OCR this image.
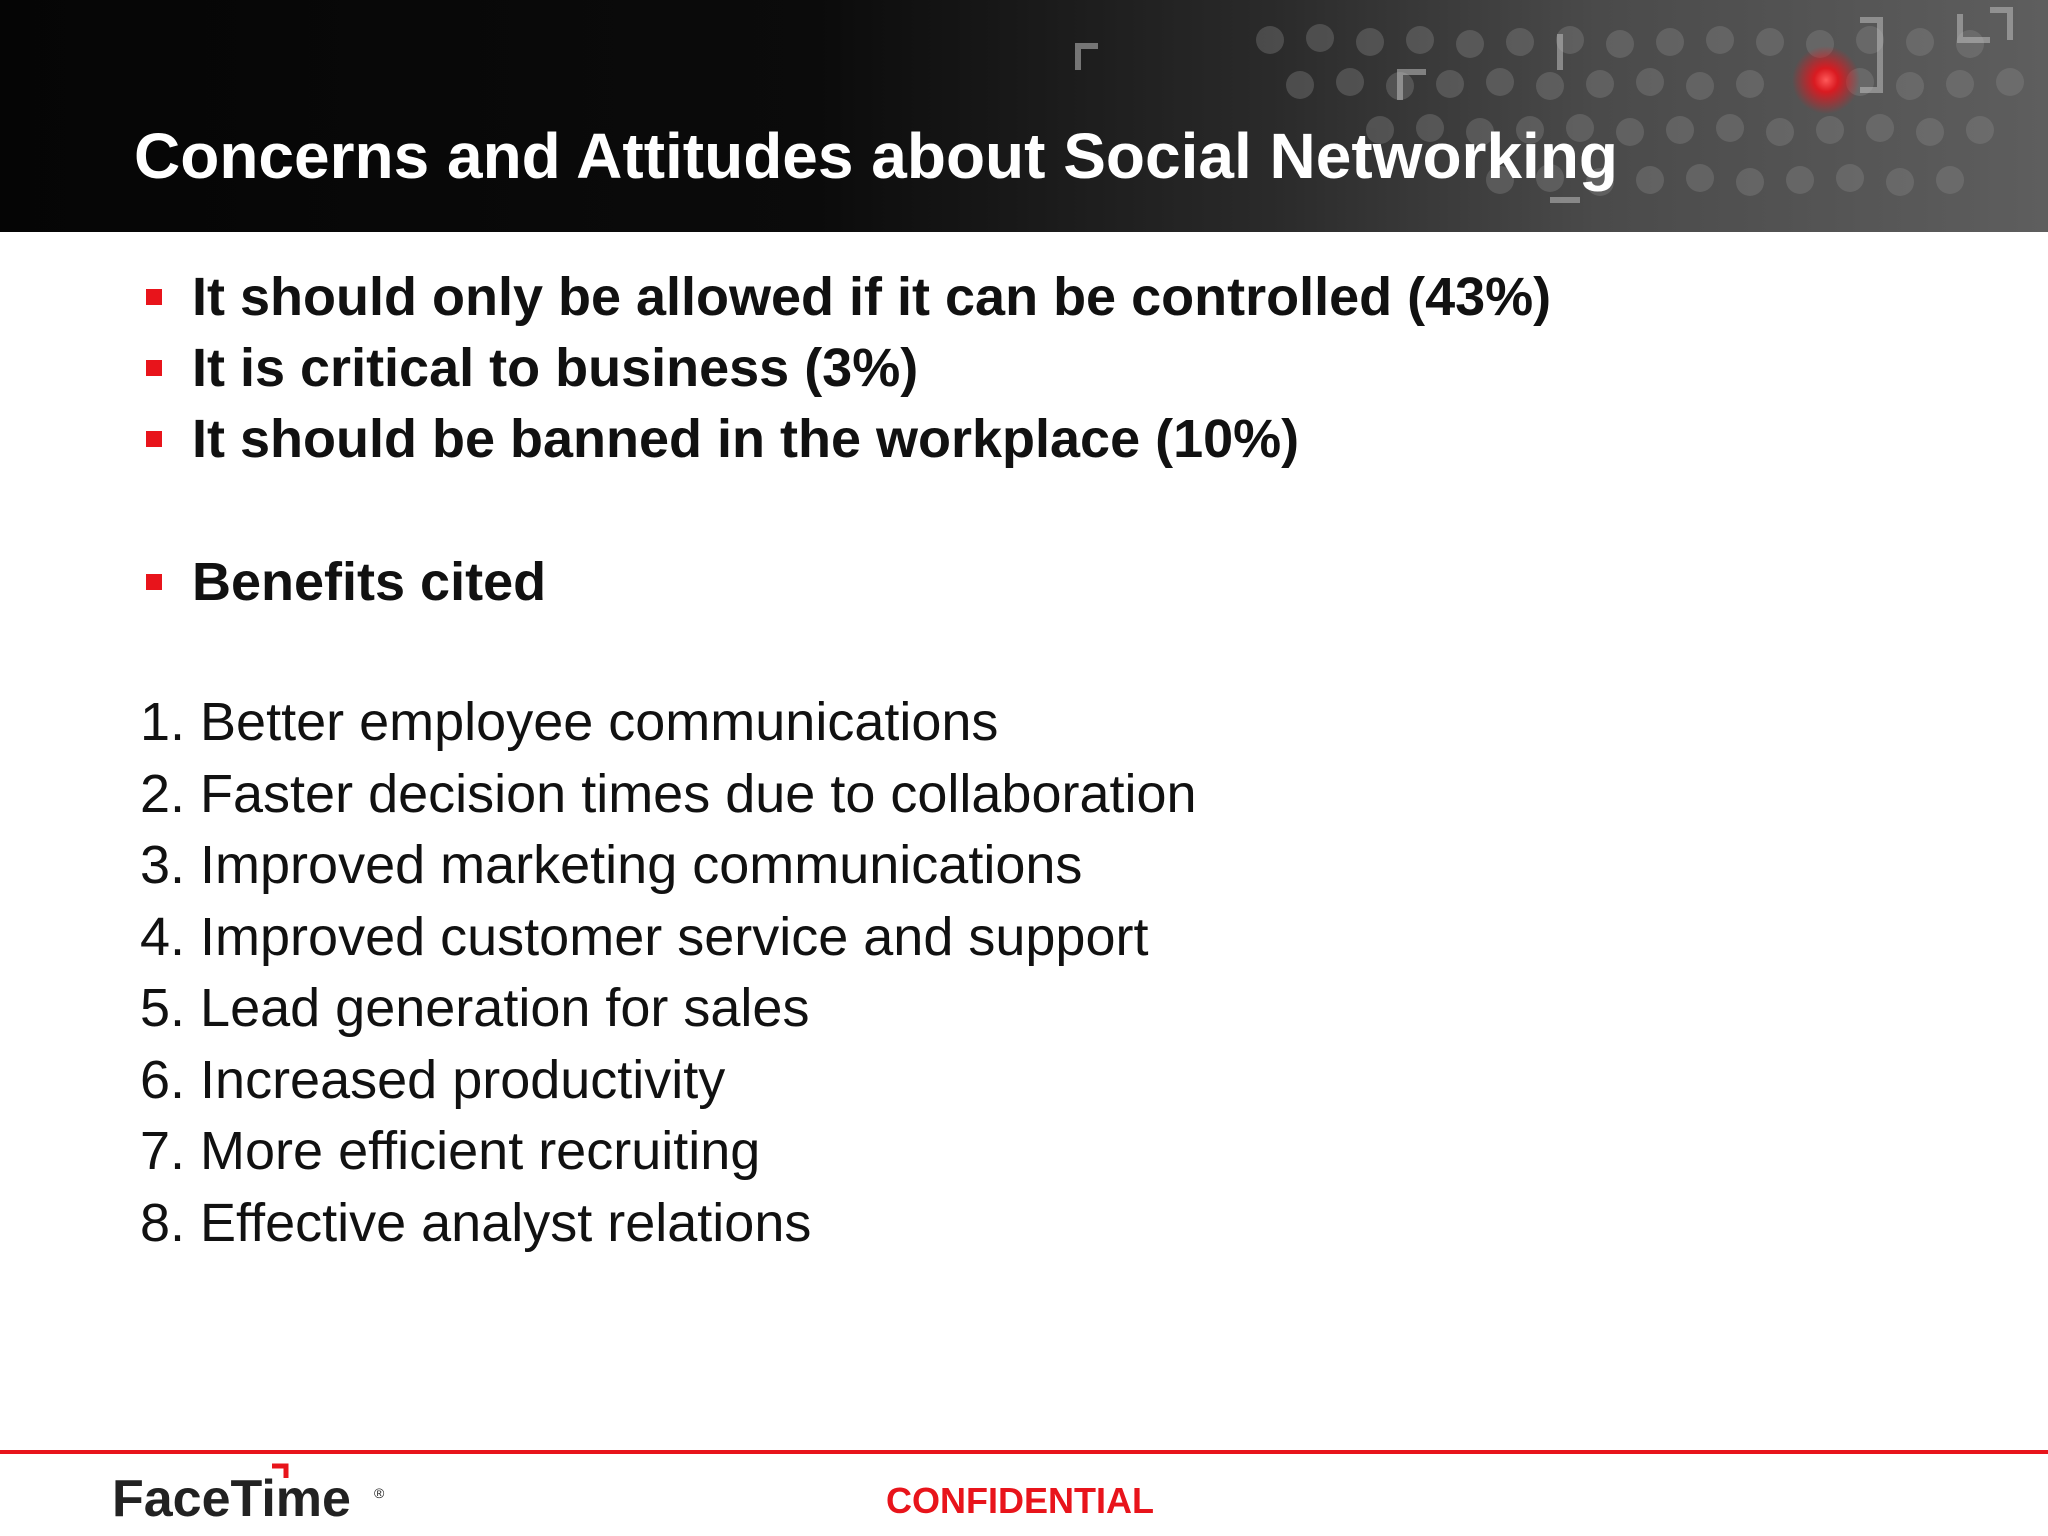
Concerns and Attitudes about Social Networking
It should only be allowed if it can be controlled (43%)
It is critical to business (3%)
It should be banned in the workplace (10%)
Benefits cited
1. Better employee communications
2. Faster decision times due to collaboration
3. Improved marketing communications
4. Improved customer service and support
5. Lead generation for sales
6. Increased productivity
7. More efficient recruiting
8. Effective analyst relations
FaceTime ®	CONFIDENTIAL
